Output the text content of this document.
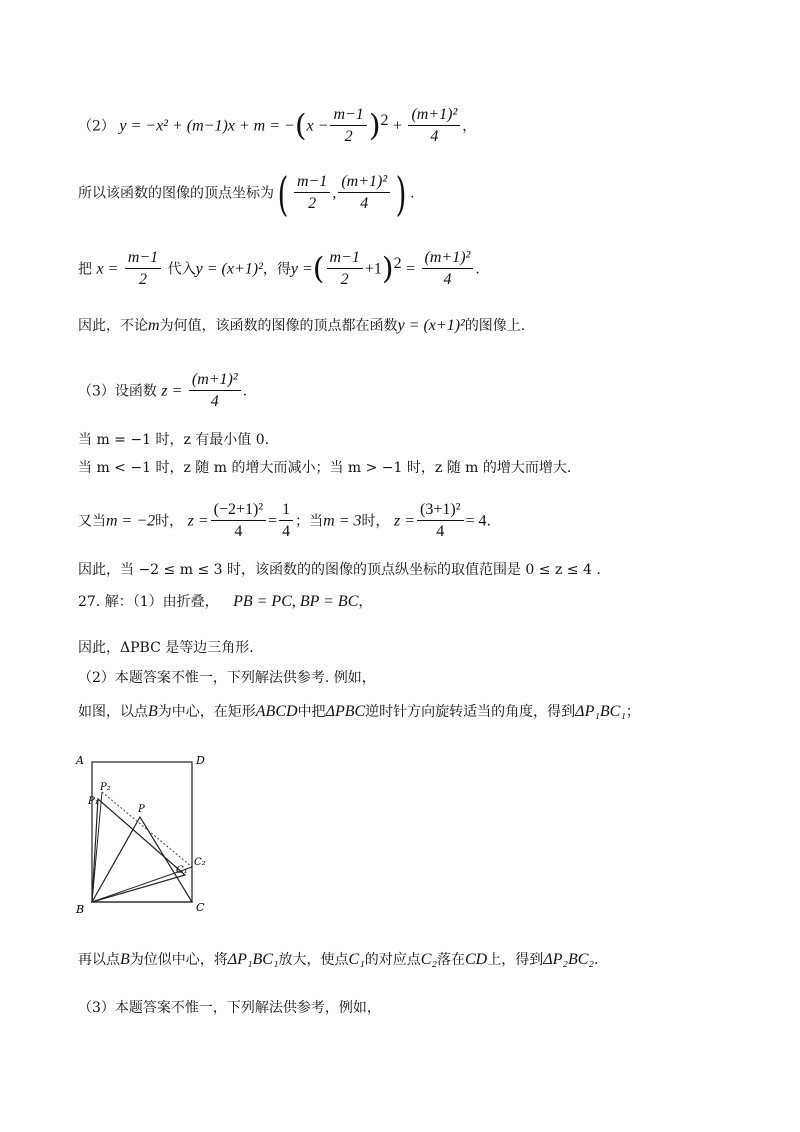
（2） $y = -x^2 + (m-1)x + m = -(x - \frac{m-1}{2} )^2 + \frac{\text{(m+1)²}}{4}$ ，
所以该函数的图像的顶点坐标为( $\frac{m-1}{2}$ , $\frac{\text{(m+1)²}}{4}$ ) .
把 $x = \frac{m-1}{2}$ 代入y = (x+1)²，得y =( $\frac{m-1}{2} +1)^2 = \frac{\text{(m+1)²}}{4}$ .
因此，不论m为何值，该函数的图像的顶点都在函数y = (x+1)²的图像上.
（3）设函数 $z = \frac{\text{(m+1)²}}{4}$ .
当 m = −1 时，z 有最小值 0.
当 m < −1 时，z 随 m 的增大而减小；当 m > −1 时，z 随 m 的增大而增大.
又当m = −2时， $z = \frac{\text{(−2+1)²}}{4} = \frac{1}{4}$ ；当m = 3时， $z = \frac{\text{(3+1)²}}{4} = 4$.
因此，当 −2 ≤ m ≤ 3 时，该函数的的图像的顶点纵坐标的取值范围是 0 ≤ z ≤ 4 .
27. 解：（1）由折叠， PB = PC, BP = BC，
因此，ΔPBC 是等边三角形.
（2）本题答案不惟一，下列解法供参考. 例如，
如图，以点B为中心，在矩形ABCD中把ΔPBC逆时针方向旋转适当的角度，得到ΔP₁BC₁；
A	D
P₂
P₁
P
C₂
C₁
B	C
再以点B为位似中心，将ΔP₁BC₁放大，使点C₁的对应点C₂落在CD上，得到ΔP₂BC₂.
（3）本题答案不惟一，下列解法供参考，例如，
